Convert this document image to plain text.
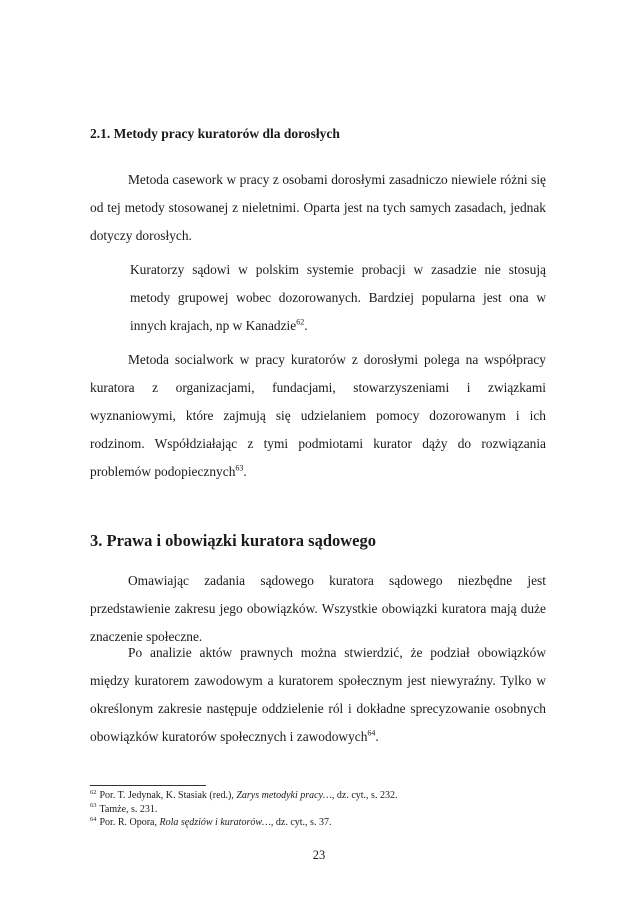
2.1. Metody pracy kuratorów dla dorosłych

Metoda casework w pracy z osobami dorosłymi zasadniczo niewiele różni się od tej metody stosowanej z nieletnimi. Oparta jest na tych samych zasadach, jednak dotyczy dorosłych.

Kuratorzy sądowi w polskim systemie probacji w zasadzie nie stosują metody grupowej wobec dozorowanych. Bardziej popularna jest ona w innych krajach, np w Kanadzie$^{62}$.

Metoda socialwork w pracy kuratorów z dorosłymi polega na współpracy kuratora z organizacjami, fundacjami, stowarzyszeniami i związkami wyznaniowymi, które zajmują się udzielaniem pomocy dozorowanym i ich rodzinom. Współdziałając z tymi podmiotami kurator dąży do rozwiązania problemów podopiecznych$^{63}$.

3. Prawa i obowiązki kuratora sądowego

Omawiając zadania sądowego kuratora sądowego niezbędne jest przedstawienie zakresu jego obowiązków. Wszystkie obowiązki kuratora mają duże znaczenie społeczne.

Po analizie aktów prawnych można stwierdzić, że podział obowiązków między kuratorem zawodowym a kuratorem społecznym jest niewyraźny. Tylko w określonym zakresie następuje oddzielenie ról i dokładne sprecyzowanie osobnych obowiązków kuratorów społecznych i zawodowych$^{64}$.

$^{62}$ Por. T. Jedynak, K. Stasiak (red.), Zarys metodyki pracy…, dz. cyt., s. 232.

$^{63}$ Tamże, s. 231.

$^{64}$ Por. R. Opora, Rola sędziów i kuratorów…, dz. cyt., s. 37.

23
